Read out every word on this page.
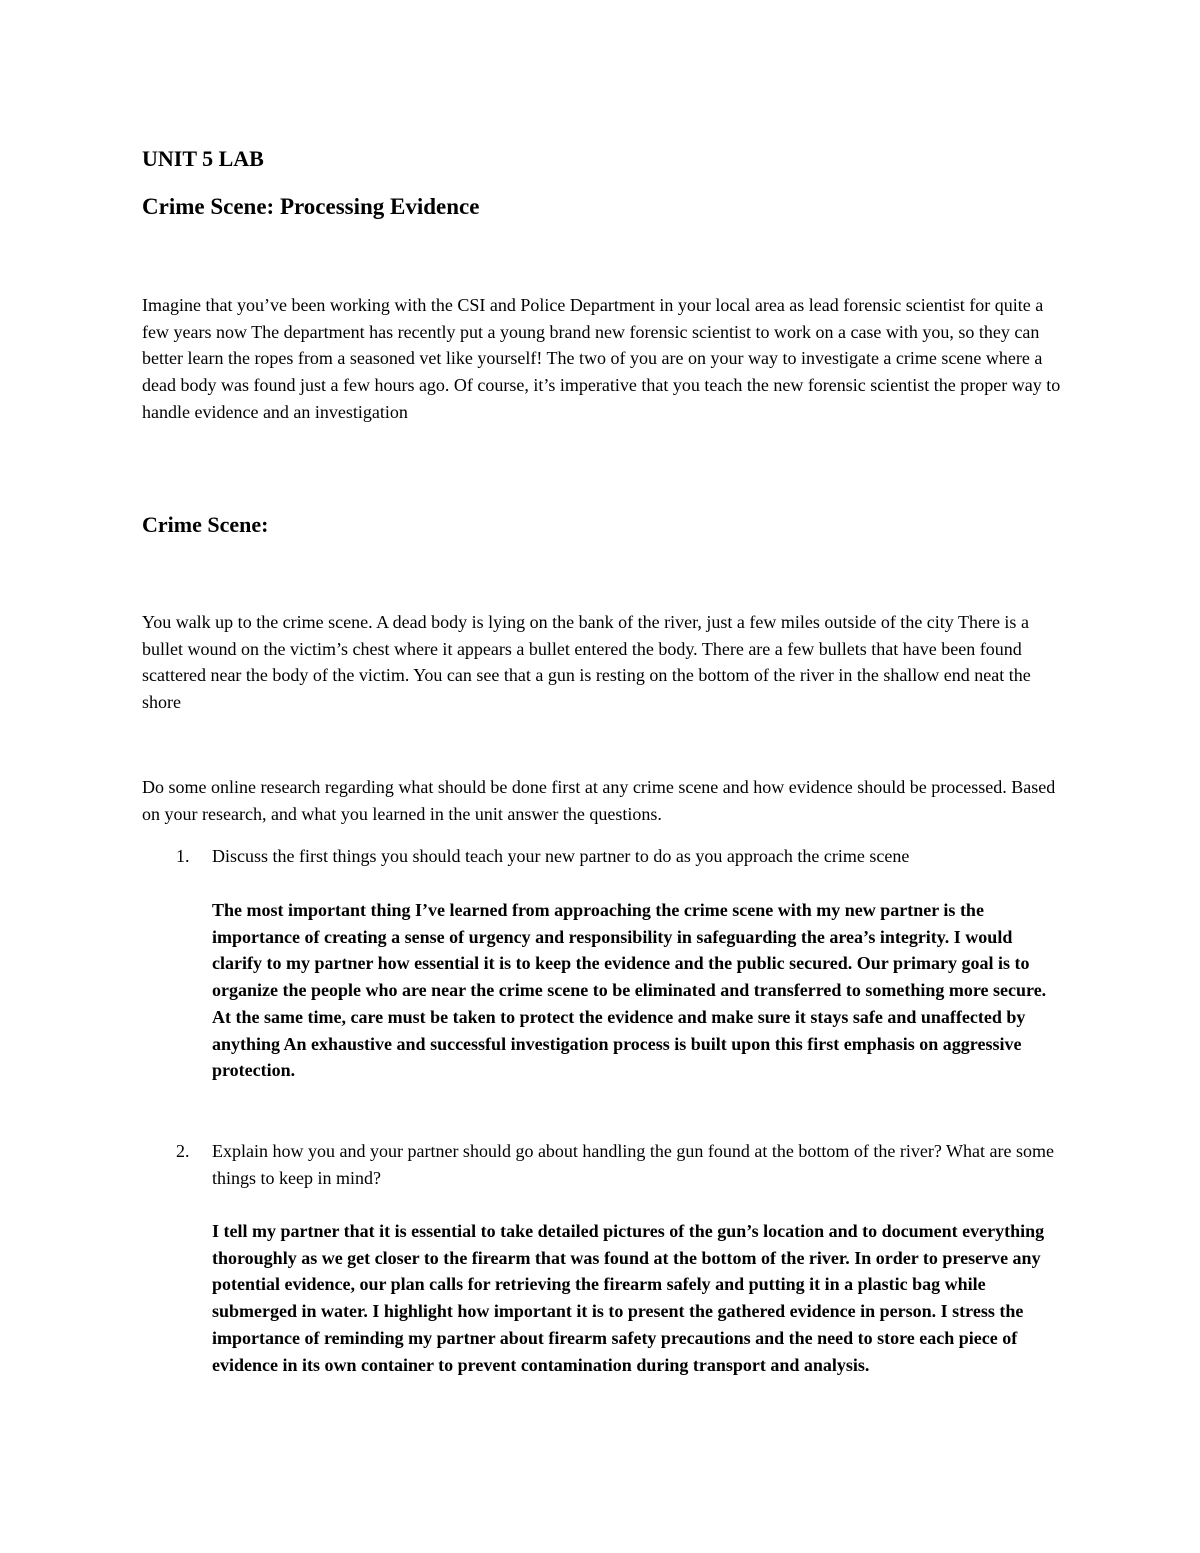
UNIT 5 LAB
Crime Scene: Processing Evidence

Imagine that you’ve been working with the CSI and Police Department in your local area as lead forensic scientist for quite a few years now The department has recently put a young brand new forensic scientist to work on a case with you, so they can better learn the ropes from a seasoned vet like yourself! The two of you are on your way to investigate a crime scene where a dead body was found just a few hours ago. Of course, it’s imperative that you teach the new forensic scientist the proper way to handle evidence and an investigation

Crime Scene:

You walk up to the crime scene. A dead body is lying on the bank of the river, just a few miles outside of the city There is a bullet wound on the victim’s chest where it appears a bullet entered the body. There are a few bullets that have been found scattered near the body of the victim. You can see that a gun is resting on the bottom of the river in the shallow end neat the shore

Do some online research regarding what should be done first at any crime scene and how evidence should be processed. Based on your research, and what you learned in the unit answer the questions.

1. Discuss the first things you should teach your new partner to do as you approach the crime scene

The most important thing I’ve learned from approaching the crime scene with my new partner is the importance of creating a sense of urgency and responsibility in safeguarding the area’s integrity. I would clarify to my partner how essential it is to keep the evidence and the public secured. Our primary goal is to organize the people who are near the crime scene to be eliminated and transferred to something more secure. At the same time, care must be taken to protect the evidence and make sure it stays safe and unaffected by anything An exhaustive and successful investigation process is built upon this first emphasis on aggressive protection.

2. Explain how you and your partner should go about handling the gun found at the bottom of the river? What are some things to keep in mind?

I tell my partner that it is essential to take detailed pictures of the gun’s location and to document everything thoroughly as we get closer to the firearm that was found at the bottom of the river. In order to preserve any potential evidence, our plan calls for retrieving the firearm safely and putting it in a plastic bag while submerged in water. I highlight how important it is to present the gathered evidence in person. I stress the importance of reminding my partner about firearm safety precautions and the need to store each piece of evidence in its own container to prevent contamination during transport and analysis.
